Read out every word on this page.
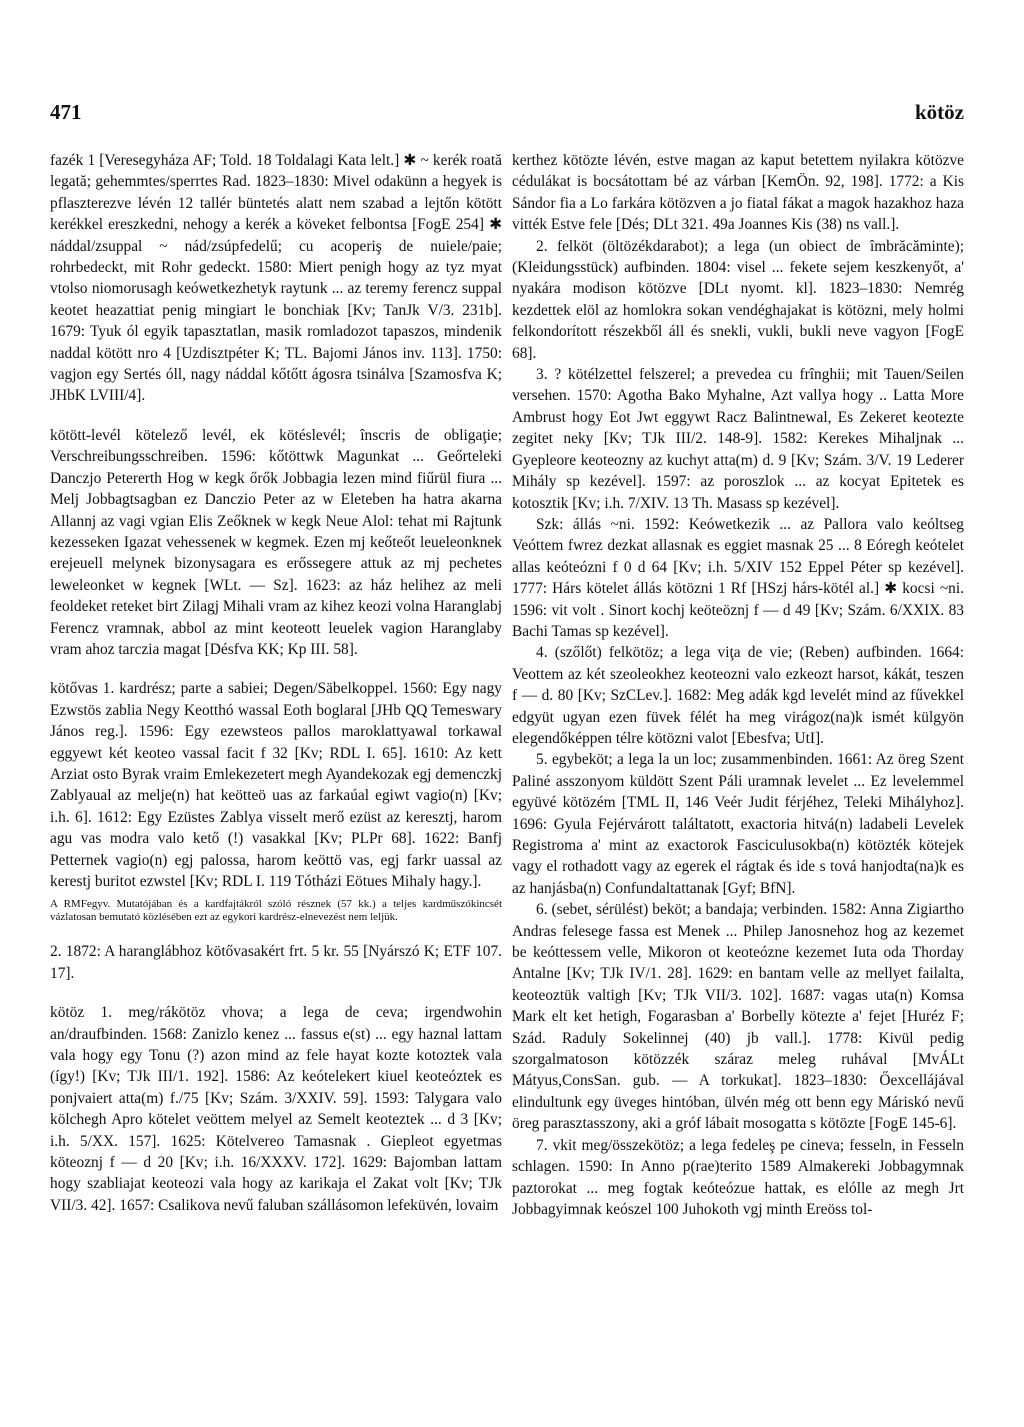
471	kötöz

fazék 1 [Veresegyháza AF; Told. 18 Toldalagi Kata lelt.] ✱ ~ kerék roată legată; gehemmtes/sperrtes Rad. 1823–1830: Mivel odakünn a hegyek is pflaszterezve lévén 12 tallér büntetés alatt nem szabad a lejtőn kötött kerékkel ereszkedni, nehogy a kerék a köveket felbontsa [FogE 254] ✱ náddal/zsuppal ~ nád/zsúpfedelű; cu acoperiş de nuiele/paie; rohrbedeckt, mit Rohr gedeckt. 1580: Miert penigh hogy az tyz myat vtolso niomorusagh keówetkezhetyk raytunk ... az teremy ferencz suppal keotet heazattiat penig mingiart le bonchiak [Kv; TanJk V/3. 231b]. 1679: Tyuk ól egyik tapasztatlan, masik romladozot tapaszos, mindenik naddal kötött nro 4 [Uzdisztpéter K; TL. Bajomi János inv. 113]. 1750: vagjon egy Sertés óll, nagy náddal kőtőtt ágosra tsinálva [Szamosfva K; JHbK LVIII/4].

kötött-levél kötelező levél, ek kötéslevél; înscris de obligaţie; Verschreibungsschreiben. 1596: kőtöttwk Magunkat ... Geőrteleki Danczjo Petererth Hog w kegk őrők Jobbagia lezen mind fiűrül fiura ... Melj Jobbagtsagban ez Danczio Peter az w Eleteben ha hatra akarna Allannj az vagi vgian Elis Zeőknek w kegk Neue Alol: tehat mi Rajtunk kezesseken Igazat vehessenek w kegmek. Ezen mj keőteőt leueleonknek erejeuell melynek bizonysagara es erőssegere attuk az mj pechetes leweleonket w kegnek [WLt. — Sz]. 1623: az ház helihez az meli feoldeket reteket birt Zilagj Mihali vram az kihez keozi volna Haranglabj Ferencz vramnak, abbol az mint keoteott leuelek vagion Haranglaby vram ahoz tarczia magat [Désfva KK; Kp III. 58].

kötővas 1. kardrész; parte a sabiei; Degen/Säbelkoppel. 1560: Egy nagy Ezwstös zablia Negy Keotthó wassal Eoth boglaral [JHb QQ Temeswary János reg.]. 1596: Egy ezewsteos pallos maroklattyawal torkawal eggyewt két keoteo vassal facit f 32 [Kv; RDL I. 65]. 1610: Az kett Arziat osto Byrak vraim Emlekezetert megh Ayandekozak egj demenczkj Zablyaual az melje(n) hat keötteö uas az farkaúal egiwt vagio(n) [Kv; i.h. 6]. 1612: Egy Ezüstes Zablya visselt merő ezüst az keresztj, harom agu vas modra valo kető (!) vasakkal [Kv; PLPr 68]. 1622: Banfj Petternek vagio(n) egj palossa, harom keöttö vas, egj farkr uassal az kerestj buritot ezwstel [Kv; RDL I. 119 Tótházi Eötues Mihaly hagy.].

A RMFegyv. Mutatójában és a kardfajtákról szóló résznek (57 kk.) a teljes kardműszókincsét vázlatosan bemutató közlésében ezt az egykori kardrész-elnevezést nem leljük.

2. 1872: A haranglábhoz kötővasakért frt. 5 kr. 55 [Nyárszó K; ETF 107. 17].

kötöz 1. meg/rákötöz vhova; a lega de ceva; irgendwohin an/draufbinden. 1568: Zanizlo kenez ... fassus e(st) ... egy haznal lattam vala hogy egy Tonu (?) azon mind az fele hayat kozte kotoztek vala (így!) [Kv; TJk III/1. 192]. 1586: Az keótelekert kiuel keoteóztek es ponjvaiert atta(m) f./75 [Kv; Szám. 3/XXIV. 59]. 1593: Talygara valo kölchegh Apro kötelet veöttem melyel az Semelt keoteztek ... d 3 [Kv; i.h. 5/XX. 157]. 1625: Kötelvereo Tamasnak . Giepleot egyetmas köteoznj f — d 20 [Kv; i.h. 16/XXXV. 172]. 1629: Bajomban lattam hogy szabliajat keoteozi vala hogy az karikaja el Zakat volt [Kv; TJk VII/3. 42]. 1657: Csalikova nevű faluban szállásomon lefeküvén, lovaim

kerthez kötözte lévén, estve magan az kaput betettem nyilakra kötözve cédulákat is bocsátottam bé az várban [KemÖn. 92, 198]. 1772: a Kis Sándor fia a Lo farkára kötözven a jo fiatal fákat a magok hazakhoz haza vitték Estve fele [Dés; DLt 321. 49a Joannes Kis (38) ns vall.].

2. felköt (öltözékdarabot); a lega (un obiect de îmbrăcăminte); (Kleidungsstück) aufbinden. 1804: visel ... fekete sejem keszkenyőt, a' nyakára modison kötözve [DLt nyomt. kl]. 1823–1830: Nemrég kezdettek elöl az homlokra sokan vendéghajakat is kötözni, mely holmi felkondorított részekből áll és snekli, vukli, bukli neve vagyon [FogE 68].

3. ? kötélzettel felszerel; a prevedea cu frînghii; mit Tauen/Seilen versehen. 1570: Agotha Bako Myhalne, Azt vallya hogy .. Latta More Ambrust hogy Eot Jwt eggywt Racz Balintnewal, Es Zekeret keotezte zegitet neky [Kv; TJk III/2. 148-9]. 1582: Kerekes Mihaljnak ... Gyepleore keoteozny az kuchyt atta(m) d. 9 [Kv; Szám. 3/V. 19 Lederer Mihály sp kezével]. 1597: az poroszlok ... az kocyat Epitetek es kotosztik [Kv; i.h. 7/XIV. 13 Th. Masass sp kezével].

Szk: állás ~ni. 1592: Keówetkezik ... az Pallora valo keóltseg Veóttem fwrez dezkat allasnak es eggiet masnak 25 ... 8 Eóregh keótelet allas keóteózni f 0 d 64 [Kv; i.h. 5/XIV 152 Eppel Péter sp kezével]. 1777: Hárs kötelet állás kötözni 1 Rf [HSzj hárs-kötél al.] ✱ kocsi ~ni. 1596: vit volt . Sinort kochj keöteöznj f — d 49 [Kv; Szám. 6/XXIX. 83 Bachi Tamas sp kezével].

4. (szőlőt) felkötöz; a lega viţa de vie; (Reben) aufbinden. 1664: Veottem az két szeoleokhez keoteozni valo ezkeozt harsot, kákát, teszen f — d. 80 [Kv; SzCLev.]. 1682: Meg adák kgd levelét mind az fűvekkel edgyüt ugyan ezen füvek félét ha meg virágoz(na)k ismét külgyön elegendőképpen télre kötözni valot [Ebesfva; UtI].

5. egybeköt; a lega la un loc; zusammenbinden. 1661: Az öreg Szent Paliné asszonyom küldött Szent Páli uramnak levelet ... Ez levelemmel együvé kötözém [TML II, 146 Veér Judit férjéhez, Teleki Mihályhoz]. 1696: Gyula Fejérvárott találtatott, exactoria hitvá(n) ladabeli Levelek Registroma a' mint az exactorok Fasciculusokba(n) kötözték kötejek vagy el rothadott vagy az egerek el rágtak és ide s tová hanjodta(na)k es az hanjásba(n) Confundaltattanak [Gyf; BfN].

6. (sebet, sérülést) beköt; a bandaja; verbinden. 1582: Anna Zigiartho Andras felesege fassa est Menek ... Philep Janosnehoz hog az kezemet be keóttessem velle, Mikoron ot keoteózne kezemet Iuta oda Thorday Antalne [Kv; TJk IV/1. 28]. 1629: en bantam velle az mellyet failalta, keoteoztük valtigh [Kv; TJk VII/3. 102]. 1687: vagas uta(n) Komsa Mark elt ket hetigh, Fogarasban a' Borbelly kötezte a' fejet [Huréz F; Szád. Raduly Sokelinnej (40) jb vall.]. 1778: Kivül pedig szorgalmatoson kötözzék száraz meleg ruhával [MvÁLt Mátyus,ConsSan. gub. — A torkukat]. 1823–1830: Őexcellájával elindultunk egy üveges hintóban, ülvén még ott benn egy Máriskó nevű öreg parasztasszony, aki a gróf lábait mosogatta s kötözte [FogE 145-6].

7. vkit meg/összekötöz; a lega fedeleş pe cineva; fesseln, in Fesseln schlagen. 1590: In Anno p(rae)terito 1589 Almakereki Jobbagymnak paztorokat ... meg fogtak keóteózue hattak, es elólle az megh Jrt Jobbagyimnak keószel 100 Juhokoth vgj minth Ereöss tol-
